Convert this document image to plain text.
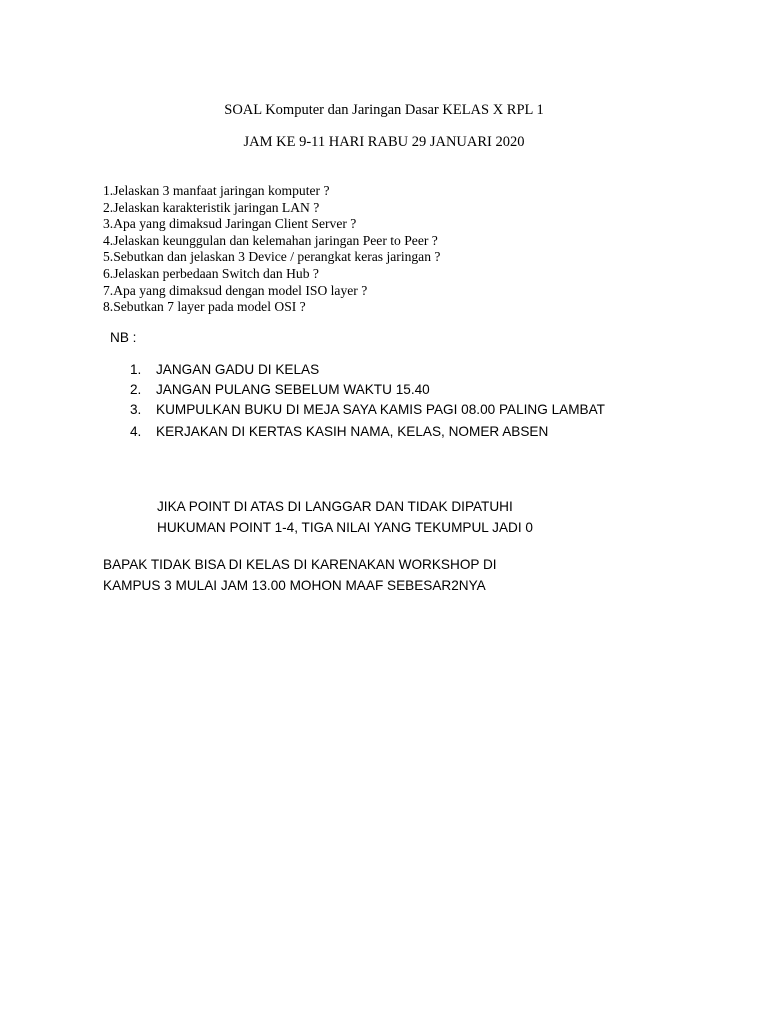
SOAL Komputer dan Jaringan Dasar KELAS X RPL 1
JAM KE 9-11 HARI RABU 29 JANUARI 2020
1.Jelaskan 3 manfaat jaringan komputer ?
2.Jelaskan karakteristik jaringan LAN ?
3.Apa yang dimaksud Jaringan Client Server ?
4.Jelaskan keunggulan dan kelemahan jaringan Peer to Peer ?
5.Sebutkan dan jelaskan 3 Device / perangkat keras jaringan ?
6.Jelaskan perbedaan Switch dan Hub ?
7.Apa yang dimaksud dengan model ISO layer ?
8.Sebutkan 7 layer pada model OSI ?
NB :
1.	JANGAN GADU DI KELAS
2.	JANGAN PULANG SEBELUM WAKTU 15.40
3.	KUMPULKAN BUKU DI MEJA SAYA KAMIS PAGI 08.00 PALING LAMBAT
4.	KERJAKAN DI KERTAS KASIH NAMA, KELAS, NOMER ABSEN
JIKA POINT DI ATAS DI LANGGAR DAN TIDAK DIPATUHI
HUKUMAN POINT 1-4, TIGA NILAI YANG TEKUMPUL JADI 0
BAPAK TIDAK BISA DI KELAS DI KARENAKAN WORKSHOP DI
KAMPUS 3 MULAI JAM 13.00 MOHON MAAF SEBESAR2NYA
